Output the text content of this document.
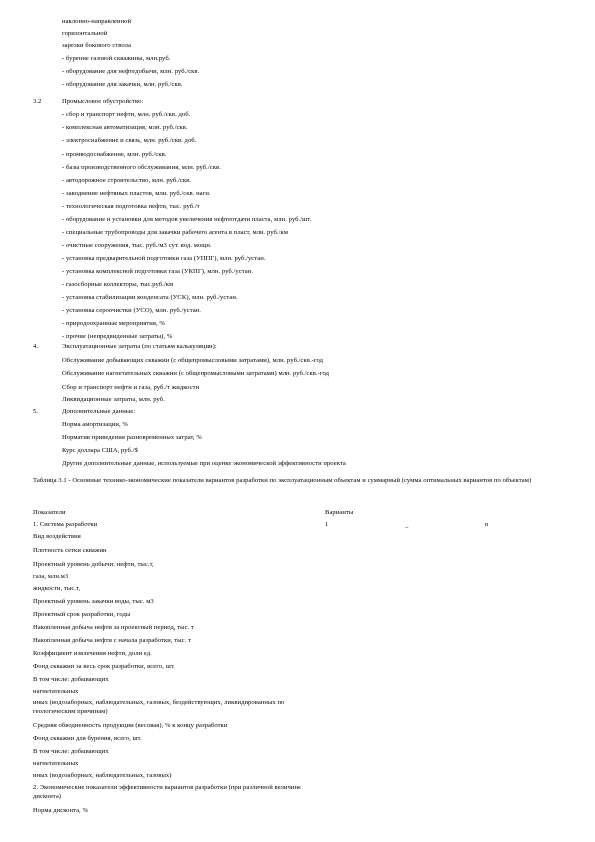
наклонно-направленной
горизонтальной
зарезки бокового ствола
- бурение газовой скважины, млн.руб.
- оборудование для нефтедобычи, млн. руб./скв.
- оборудование для закачки, млн. руб./скв.
3.2	Промысловое обустройство:
- сбор и транспорт нефти, млн. руб./скв. доб.
- комплексная автоматизация, млн. руб./скв.
- электроснабжение и связь, млн. руб./скв. доб.
- промводоснабжение, млн. руб./скв.
- базы производственного обслуживания, млн. руб./скв.
- автодорожное строительство, млн. руб./скв.
- заводнение нефтяных пластов, млн. руб./скв. нагн.
- технологическая подготовка нефти, тыс. руб./т
- оборудование и установки для методов увеличения нефтеотдачи пласта, млн. руб./шт.
- специальные трубопроводы для закачки рабочего агента в пласт, млн. руб./км
- очистные сооружения, тыс. руб./м3 сут. вод. мощн.
- установка предварительной подготовки газа (УППГ), млн. руб./устан.
- установка комплексной подготовки газа (УКПГ), млн. руб./устан.
- газосборные коллекторы, тыс.руб./км
- установка стабилизации конденсата (УСК), млн. руб./устан.
- установка сероочистки (УСО), млн. руб./устан.
- природоохранные мероприятия, %
- прочие (непредвиденные затраты), %
4.	Эксплуатационные затраты (по статьям калькуляции):
Обслуживание добывающих скважин (с общепромысловыми затратами), млн. руб./скв.-год
Обслуживание нагнетательных скважин (с общепромысловыми затратами) млн. руб./скв.-год
Сбор и транспорт нефти и газа, руб./т жидкости
Ликвидационные затраты, млн. руб.
5.	Дополнительные данные:
Норма амортизации, %
Норматив приведения разновременных затрат, %
Курс доллара США, руб./$
Другие дополнительные данные, используемые при оценке экономической эффективности проекта
Таблица 3.1 - Основные технико-экономические показатели вариантов разработки по эксплуатационным объектам и суммарный (сумма оптимальных вариантов по объектам)
Показатели	Варианты
1. Система разработки	1	_	n
Вид воздействия
Плотность сетки скважин
Проектный уровень добычи: нефти, тыс.т,
газа, млн.м3
жидкости, тыс.т,
Проектный уровень закачки воды, тыс. м3
Проектный срок разработки, годы
Накопленная добыча нефти за проектный период, тыс. т
Накопленная добыча нефти с начала разработки, тыс. т
Коэффициент извлечения нефти, доли ед.
Фонд скважин за весь срок разработки, всего, шт.
В том числе: добывающих
нагнетательных
иных (водозаборных, наблюдательных, газовых, бездействующих, ликвидированных по геологическим причинам)
Средняя обводненность продукции (весовая), % к концу разработки
Фонд скважин для бурения, всего, шт.
В том числе: добывающих
нагнетательных
иных (водозаборных, наблюдательных, газовых)
2. Экономические показатели эффективности вариантов разработки (при различной величине дисконта)
Норма дисконта, %
